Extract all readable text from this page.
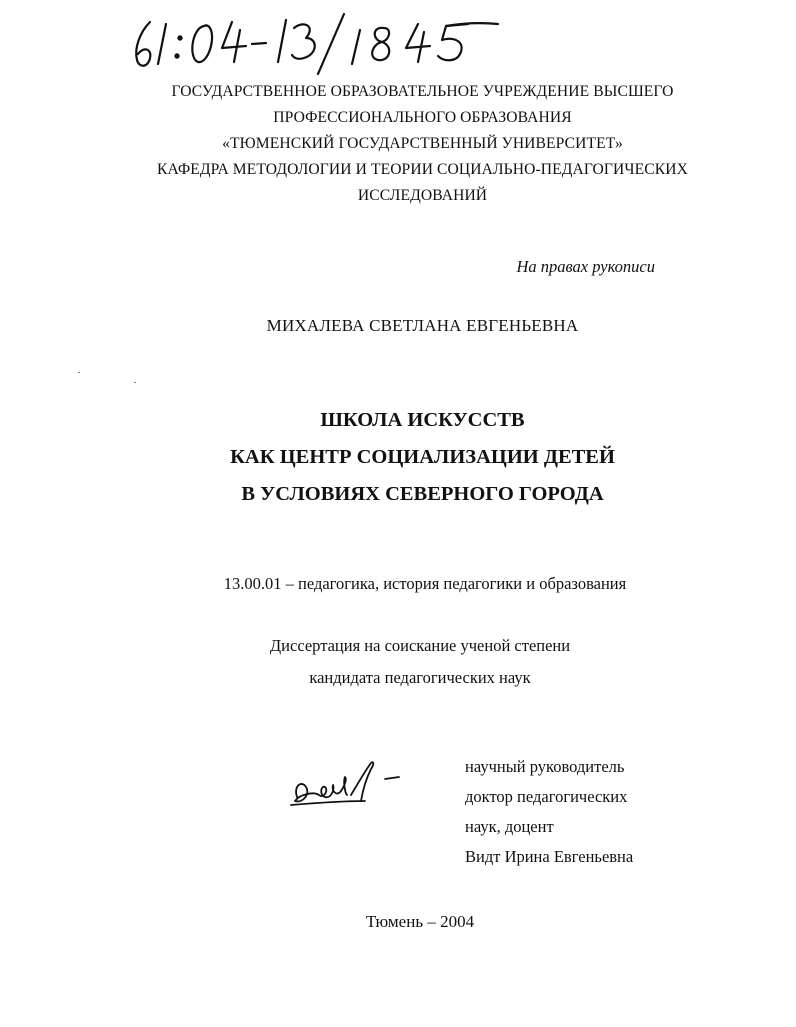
ГОСУДАРСТВЕННОЕ ОБРАЗОВАТЕЛЬНОЕ УЧРЕЖДЕНИЕ ВЫСШЕГО
ПРОФЕССИОНАЛЬНОГО ОБРАЗОВАНИЯ
«ТЮМЕНСКИЙ ГОСУДАРСТВЕННЫЙ УНИВЕРСИТЕТ»
КАФЕДРА МЕТОДОЛОГИИ И ТЕОРИИ СОЦИАЛЬНО-ПЕДАГОГИЧЕСКИХ
ИССЛЕДОВАНИЙ
На правах рукописи
МИХАЛЕВА СВЕТЛАНА ЕВГЕНЬЕВНА
ШКОЛА ИСКУССТВ
КАК ЦЕНТР СОЦИАЛИЗАЦИИ ДЕТЕЙ
В УСЛОВИЯХ СЕВЕРНОГО ГОРОДА
13.00.01 – педагогика, история педагогики и образования
Диссертация на соискание ученой степени
кандидата педагогических наук
научный руководитель
доктор педагогических
наук, доцент
Видт Ирина Евгеньевна
Тюмень – 2004
